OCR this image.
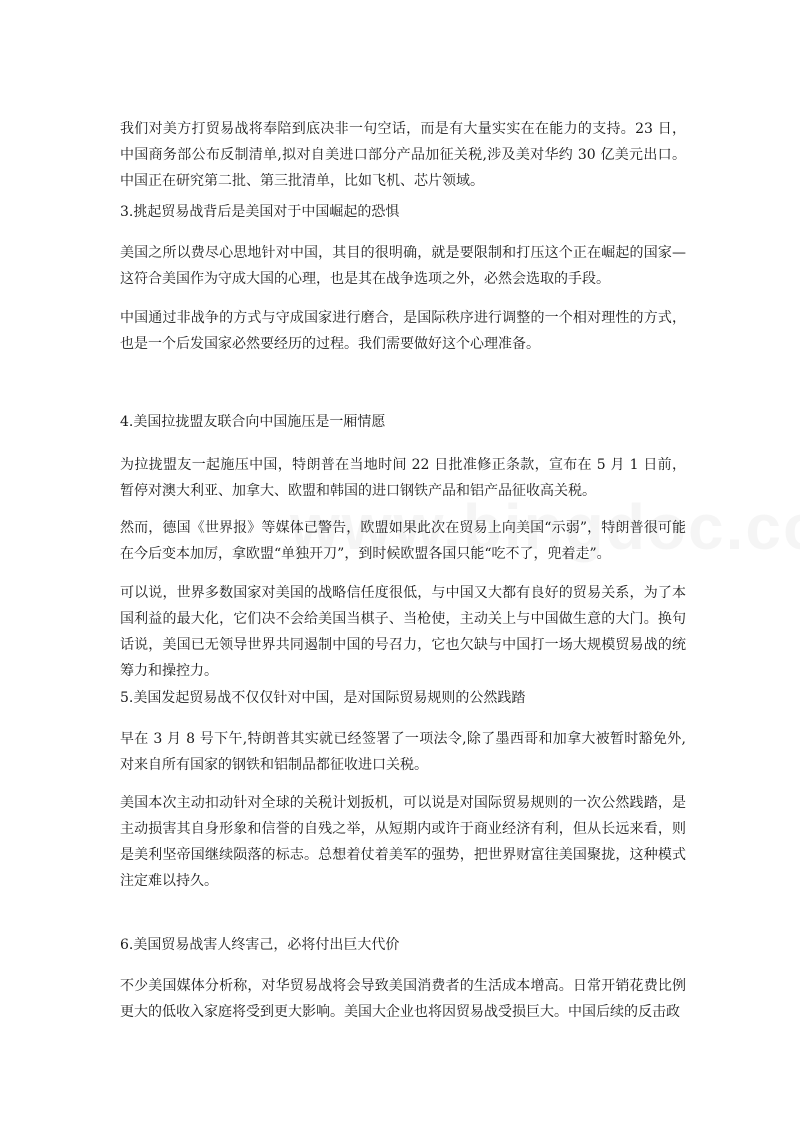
我们对美方打贸易战将奉陪到底决非一句空话，而是有大量实实在在能力的支持。23 日，中国商务部公布反制清单,拟对自美进口部分产品加征关税,涉及美对华约 30 亿美元出口。中国正在研究第二批、第三批清单，比如飞机、芯片领域。

3.挑起贸易战背后是美国对于中国崛起的恐惧

美国之所以费尽心思地针对中国，其目的很明确，就是要限制和打压这个正在崛起的国家—这符合美国作为守成大国的心理，也是其在战争选项之外，必然会选取的手段。

中国通过非战争的方式与守成国家进行磨合，是国际秩序进行调整的一个相对理性的方式，也是一个后发国家必然要经历的过程。我们需要做好这个心理准备。

4.美国拉拢盟友联合向中国施压是一厢情愿

为拉拢盟友一起施压中国，特朗普在当地时间 22 日批准修正条款，宣布在 5 月 1 日前，暂停对澳大利亚、加拿大、欧盟和韩国的进口钢铁产品和铝产品征收高关税。

然而，德国《世界报》等媒体已警告，欧盟如果此次在贸易上向美国“示弱”，特朗普很可能在今后变本加厉，拿欧盟“单独开刀”，到时候欧盟各国只能“吃不了，兜着走”。

可以说，世界多数国家对美国的战略信任度很低，与中国又大都有良好的贸易关系，为了本国利益的最大化，它们决不会给美国当棋子、当枪使，主动关上与中国做生意的大门。换句话说，美国已无领导世界共同遏制中国的号召力，它也欠缺与中国打一场大规模贸易战的统筹力和操控力。

5.美国发起贸易战不仅仅针对中国，是对国际贸易规则的公然践踏

早在 3 月 8 号下午,特朗普其实就已经签署了一项法令,除了墨西哥和加拿大被暂时豁免外,对来自所有国家的钢铁和铝制品都征收进口关税。

美国本次主动扣动针对全球的关税计划扳机，可以说是对国际贸易规则的一次公然践踏，是主动损害其自身形象和信誉的自残之举，从短期内或许于商业经济有利，但从长远来看，则是美利坚帝国继续陨落的标志。总想着仗着美军的强势，把世界财富往美国聚拢，这种模式注定难以持久。

6.美国贸易战害人终害己，必将付出巨大代价

不少美国媒体分析称，对华贸易战将会导致美国消费者的生活成本增高。日常开销花费比例更大的低收入家庭将受到更大影响。美国大企业也将因贸易战受损巨大。中国后续的反击政
